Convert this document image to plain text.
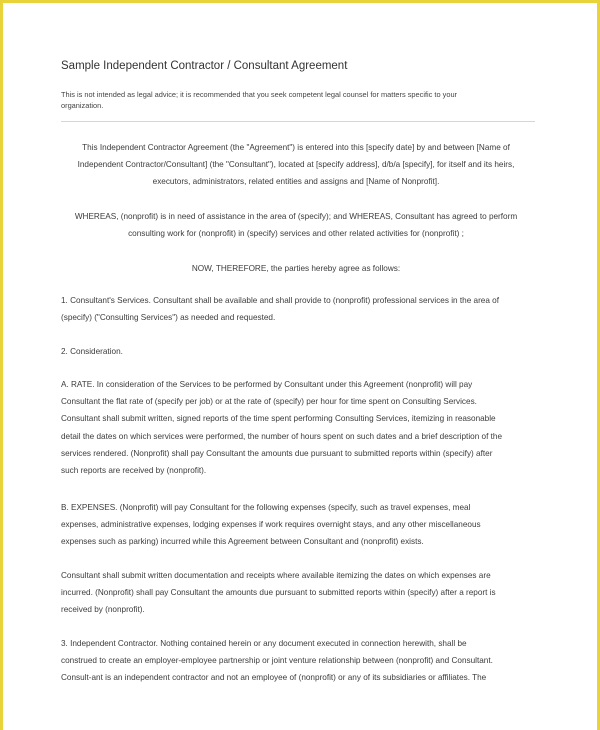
Sample Independent Contractor / Consultant Agreement
This is not intended as legal advice; it is recommended that you seek competent legal counsel for matters specific to your organization.
This Independent Contractor Agreement (the "Agreement") is entered into this [specify date] by and between [Name of
Independent Contractor/Consultant] (the "Consultant"), located at [specify address], d/b/a [specify], for itself and its heirs,
executors, administrators, related entities and assigns and [Name of Nonprofit].
WHEREAS, (nonprofit) is in need of assistance in the area of (specify); and WHEREAS, Consultant has agreed to perform
consulting work for (nonprofit) in (specify) services and other related activities for (nonprofit) ;
NOW, THEREFORE, the parties hereby agree as follows:
1. Consultant's Services. Consultant shall be available and shall provide to (nonprofit) professional services in the area of
(specify) ("Consulting Services") as needed and requested.
2. Consideration.
A. RATE. In consideration of the Services to be performed by Consultant under this Agreement (nonprofit) will pay
Consultant the flat rate of (specify per job) or at the rate of (specify) per hour for time spent on Consulting Services.
Consultant shall submit written, signed reports of the time spent performing Consulting Services, itemizing in reasonable
detail the dates on which services were performed, the number of hours spent on such dates and a brief description of the
services rendered. (Nonprofit) shall pay Consultant the amounts due pursuant to submitted reports within (specify) after
such reports are received by (nonprofit).
B. EXPENSES. (Nonprofit) will pay Consultant for the following expenses (specify, such as travel expenses, meal
expenses, administrative expenses, lodging expenses if work requires overnight stays, and any other miscellaneous
expenses such as parking) incurred while this Agreement between Consultant and (nonprofit) exists.
Consultant shall submit written documentation and receipts where available itemizing the dates on which expenses are
incurred. (Nonprofit) shall pay Consultant the amounts due pursuant to submitted reports within (specify) after a report is
received by (nonprofit).
3. Independent Contractor. Nothing contained herein or any document executed in connection herewith, shall be
construed to create an employer-employee partnership or joint venture relationship between (nonprofit) and Consultant.
Consult-ant is an independent contractor and not an employee of (nonprofit) or any of its subsidiaries or affiliates. The
